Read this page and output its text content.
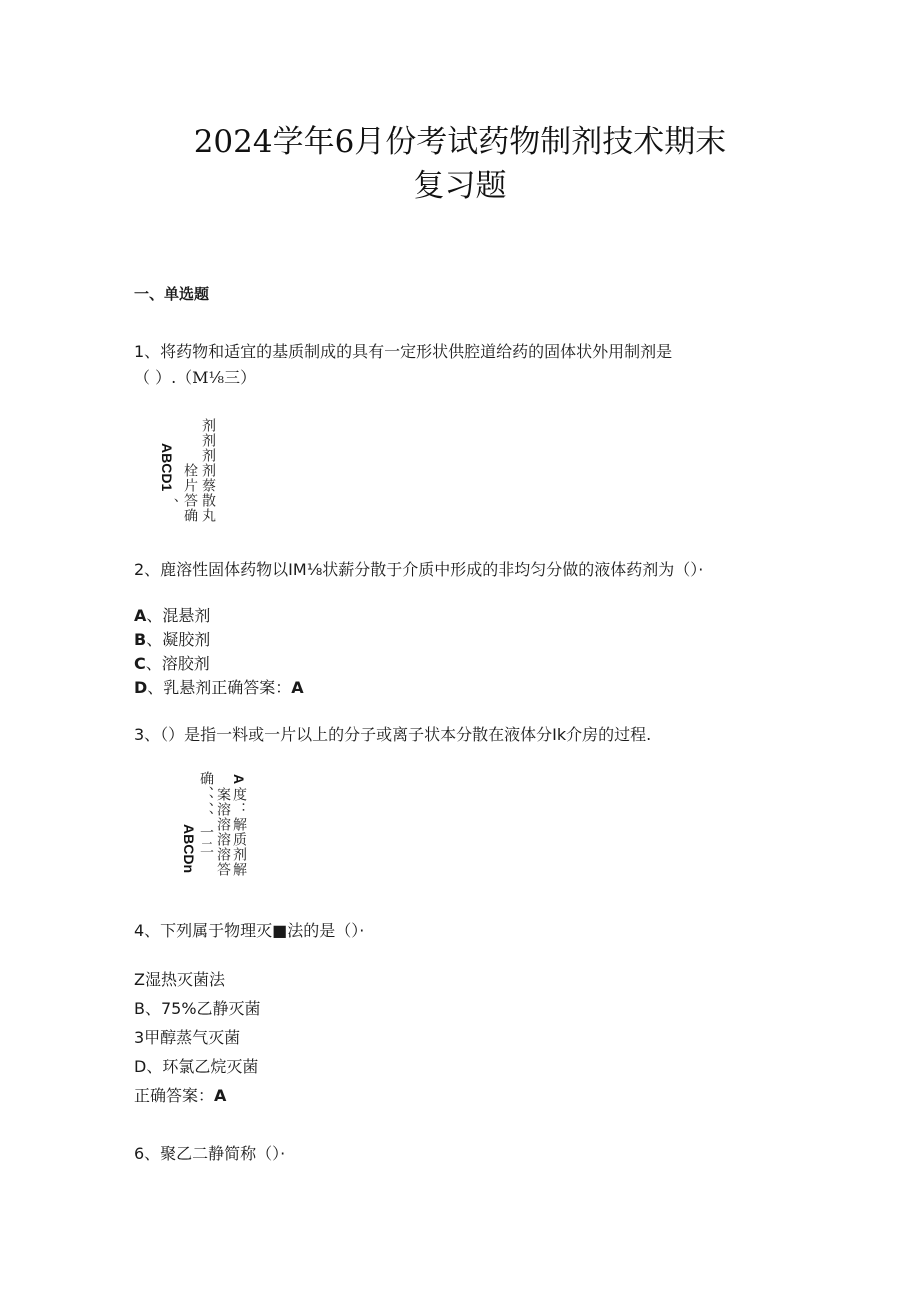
2024学年6月份考试药物制剂技术期末
复习题
一、单选题
1、将药物和适宜的基质制成的具有一定形状供腔道给药的固体状外用制剂是
（ ）.（M⅛三）
ABCD1
、 栓片答确 剂剂剂剂蔡散丸
2、鹿溶性固体药物以IM⅛状薪分散于介质中形成的非均匀分做的液体药剂为（）·
A、混悬剂
B、凝胶剂
C、溶胶剂
D、乳悬剂正确答案：A
3、（）是指一料或一片以上的分子或离子状本分散在液体分Ik介房的过程.
ABCDn 确、、、、一二 案溶溶溶溶答
A
度：解质剂解
4、下列属于物理灭■法的是（）·
Z湿热灭菌法
B、75%乙静灭菌
3甲醇蒸气灭菌
D、环氯乙烷灭菌
正确答案：A
6、聚乙二静简称（）·
